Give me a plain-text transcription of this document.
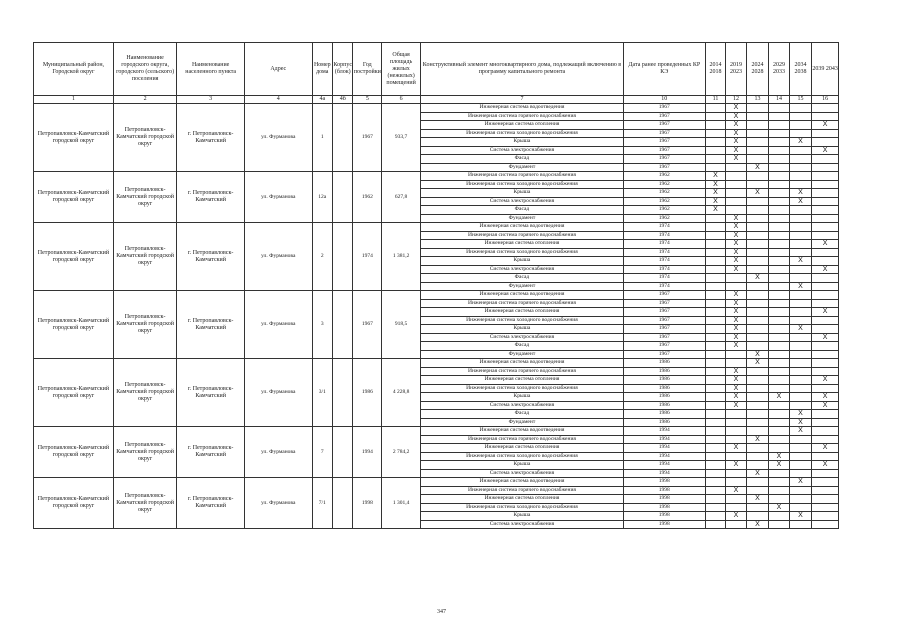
Муниципальный район, Городской округ	Наименование городского округа, городского (сельского) поселения	Наименование населенного пункта	Адрес	Номер дома	Корпус (блок)	Год постройки	Общая площадь жилых (нежилых) помещений	Конструктивный элемент многоквартирного дома, подлежащий включению в программу капитального ремонта	Дата ранее проведенных КР КЭ	2014 2018	2019 2023	2024 2028	2029 2033	2034 2038	2039 2043
1	2	3	4	4а	4б	5	6	7	10	11	12	13	14	15	16
Петропавловск-Камчатский городской округ	Петропавловск-Камчатский городской округ	г. Петропавловск-Камчатский	ул. Фурманова	1		1967	933,7	Инженерная система водоотведения	1967		X				
								Инженерная система горячего водоснабжения	1967		X				
								Инженерная система отопления	1967		X				X
								Инженерная система холодного водоснабжения	1967		X				
								Крыша	1967		X			X	
								Система электроснабжения	1967		X				X
								Фасад	1967		X				
								Фундамент	1967			X			
Петропавловск-Камчатский городской округ	Петропавловск-Камчатский городской округ	г. Петропавловск-Камчатский	ул. Фурманова	12а		1962	627,8	Инженерная система горячего водоснабжения	1962	X					
								Инженерная система холодного водоснабжения	1962	X					
								Крыша	1962	X		X		X	
								Система электроснабжения	1962	X				X	
								Фасад	1962	X					
								Фундамент	1962		X				
Петропавловск-Камчатский городской округ	Петропавловск-Камчатский городской округ	г. Петропавловск-Камчатский	ул. Фурманова	2		1974	1 381,2	Инженерная система водоотведения	1974		X				
								Инженерная система горячего водоснабжения	1974		X				
								Инженерная система отопления	1974		X				X
								Инженерная система холодного водоснабжения	1974		X				
								Крыша	1974		X			X	
								Система электроснабжения	1974		X				X
								Фасад	1974			X			
								Фундамент	1974					X	
Петропавловск-Камчатский городской округ	Петропавловск-Камчатский городской округ	г. Петропавловск-Камчатский	ул. Фурманова	3		1967	918,5	Инженерная система водоотведения	1967		X				
								Инженерная система горячего водоснабжения	1967		X				
								Инженерная система отопления	1967		X				X
								Инженерная система холодного водоснабжения	1967		X				
								Крыша	1967		X			X	
								Система электроснабжения	1967		X				X
								Фасад	1967		X				
								Фундамент	1967			X			
Петропавловск-Камчатский городской округ	Петропавловск-Камчатский городской округ	г. Петропавловск-Камчатский	ул. Фурманова	3/1		1986	4 228,8	Инженерная система водоотведения	1986			X			
								Инженерная система горячего водоснабжения	1986		X				
								Инженерная система отопления	1986		X				X
								Инженерная система холодного водоснабжения	1986		X				
								Крыша	1986		X		X		X
								Система электроснабжения	1986		X				X
								Фасад	1986					X	
								Фундамент	1986					X	
Петропавловск-Камчатский городской округ	Петропавловск-Камчатский городской округ	г. Петропавловск-Камчатский	ул. Фурманова	7		1994	2 784,2	Инженерная система водоотведения	1994					X	
								Инженерная система горячего водоснабжения	1994			X			
								Инженерная система отопления	1994		X				X
								Инженерная система холодного водоснабжения	1994				X		
								Крыша	1994		X		X		X
								Система электроснабжения	1994			X			
Петропавловск-Камчатский городской округ	Петропавловск-Камчатский городской округ	г. Петропавловск-Камчатский	ул. Фурманова	7/1		1998	1 301,4	Инженерная система водоотведения	1998					X	
								Инженерная система горячего водоснабжения	1998		X				
								Инженерная система отопления	1998			X			
								Инженерная система холодного водоснабжения	1998				X		
								Крыша	1998		X			X	
								Система электроснабжения	1998			X			
347
